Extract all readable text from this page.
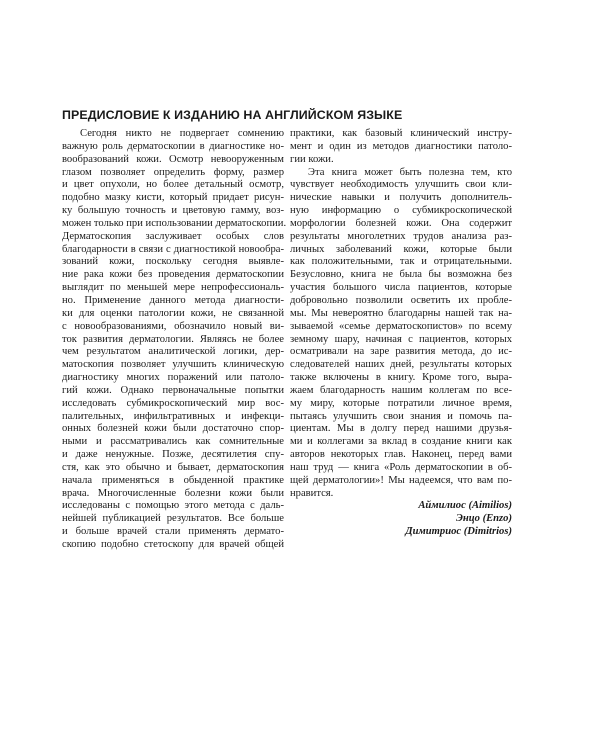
ПРЕДИСЛОВИЕ К ИЗДАНИЮ НА АНГЛИЙСКОМ ЯЗЫКЕ
Сегодня никто не подвергает сомнению
важную роль дерматоскопии в диагностике но-
вообразований кожи. Осмотр невооруженным
глазом позволяет определить форму, размер
и цвет опухоли, но более детальный осмотр,
подобно мазку кисти, который придает рисун-
ку большую точность и цветовую гамму, воз-
можен только при использовании дерматоскопии.
Дерматоскопия заслуживает особых слов
благодарности в связи с диагностикой новообра-
зований кожи, поскольку сегодня выявле-
ние рака кожи без проведения дерматоскопии
выглядит по меньшей мере непрофессиональ-
но. Применение данного метода диагности-
ки для оценки патологии кожи, не связанной
с новообразованиями, обозначило новый ви-
ток развития дерматологии. Являясь не более
чем результатом аналитической логики, дер-
матоскопия позволяет улучшить клиническую
диагностику многих поражений или патоло-
гий кожи. Однако первоначальные попытки
исследовать субмикроскопический мир вос-
палительных, инфильтративных и инфекци-
онных болезней кожи были достаточно спор-
ными и рассматривались как сомнительные
и даже ненужные. Позже, десятилетия спу-
стя, как это обычно и бывает, дерматоскопия
начала применяться в обыденной практике
врача. Многочисленные болезни кожи были
исследованы с помощью этого метода с даль-
нейшей публикацией результатов. Все больше
и больше врачей стали применять дермато-
скопию подобно стетоскопу для врачей общей
практики, как базовый клинический инстру-
мент и один из методов диагностики патоло-
гии кожи.
Эта книга может быть полезна тем, кто
чувствует необходимость улучшить свои кли-
нические навыки и получить дополнитель-
ную информацию о субмикроскопической
морфологии болезней кожи. Она содержит
результаты многолетних трудов анализа раз-
личных заболеваний кожи, которые были
как положительными, так и отрицательными.
Безусловно, книга не была бы возможна без
участия большого числа пациентов, которые
добровольно позволили осветить их пробле-
мы. Мы невероятно благодарны нашей так на-
зываемой «семье дерматоскопистов» по всему
земному шару, начиная с пациентов, которых
осматривали на заре развития метода, до ис-
следователей наших дней, результаты которых
также включены в книгу. Кроме того, выра-
жаем благодарность нашим коллегам по все-
му миру, которые потратили личное время,
пытаясь улучшить свои знания и помочь па-
циентам. Мы в долгу перед нашими друзья-
ми и коллегами за вклад в создание книги как
авторов некоторых глав. Наконец, перед вами
наш труд — книга «Роль дерматоскопии в об-
щей дерматологии»! Мы надеемся, что вам по-
нравится.
Аймилиос (Aimilios)
Энцо (Enzo)
Димитриос (Dimitrios)
